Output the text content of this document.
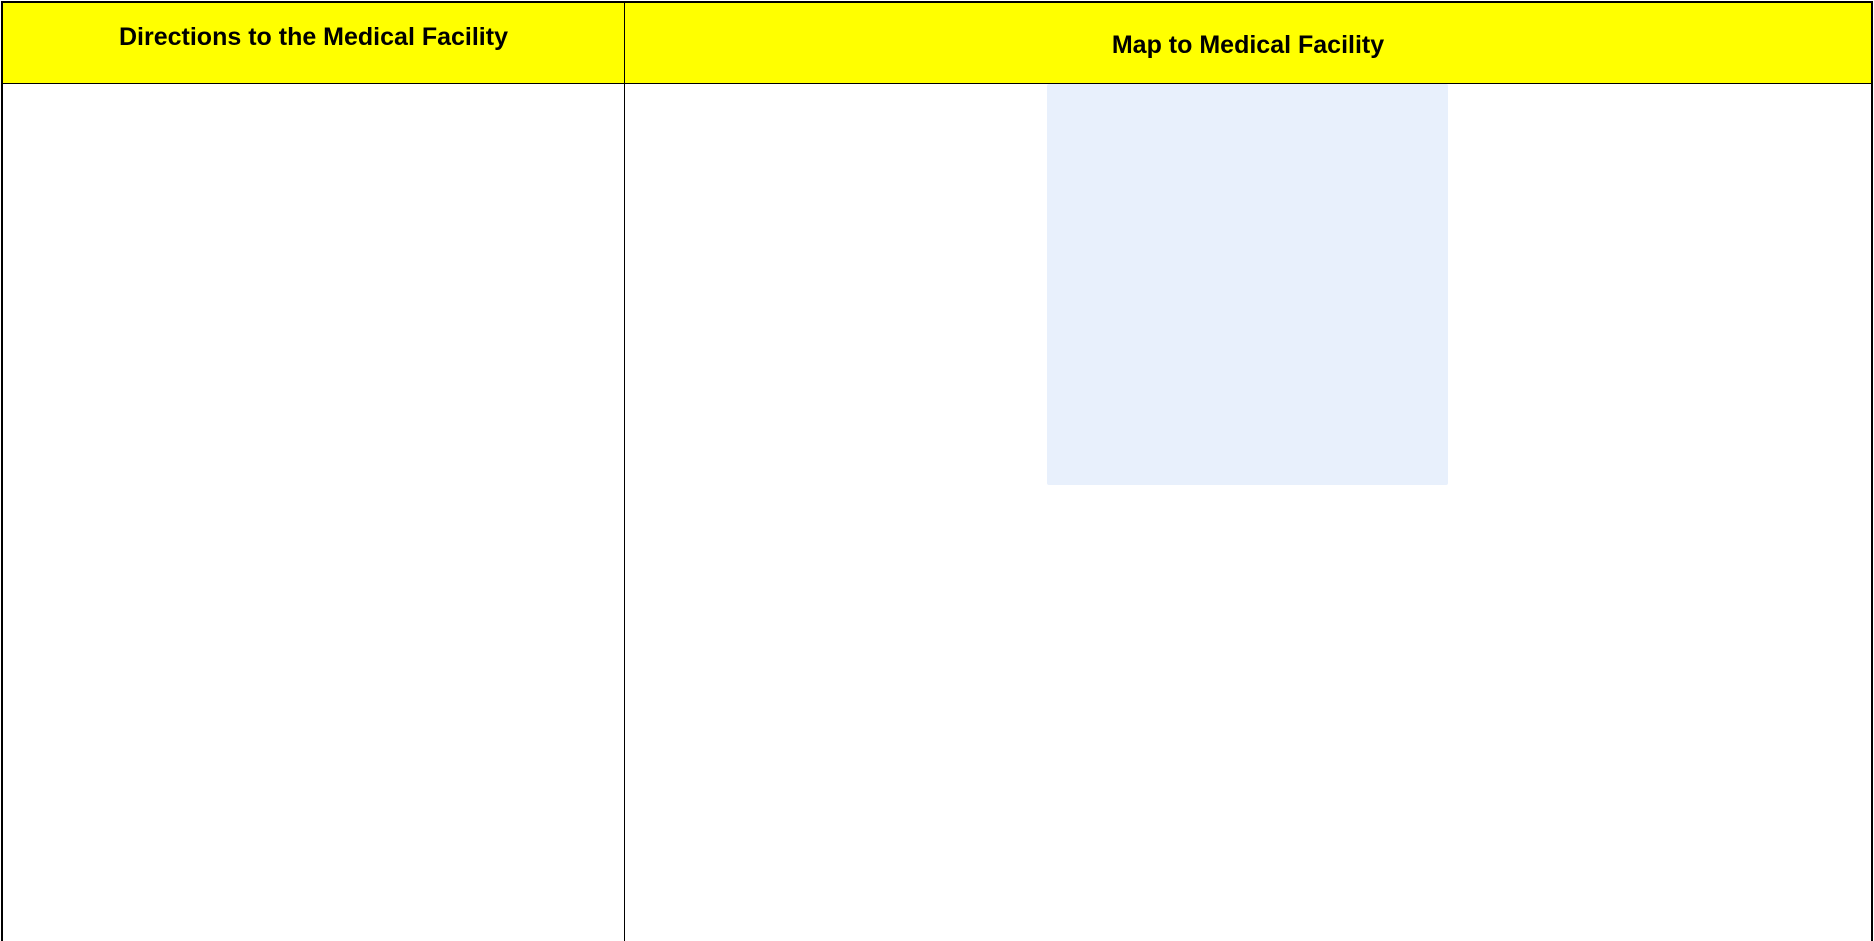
Directions to the Medical Facility	Map to Medical Facility
